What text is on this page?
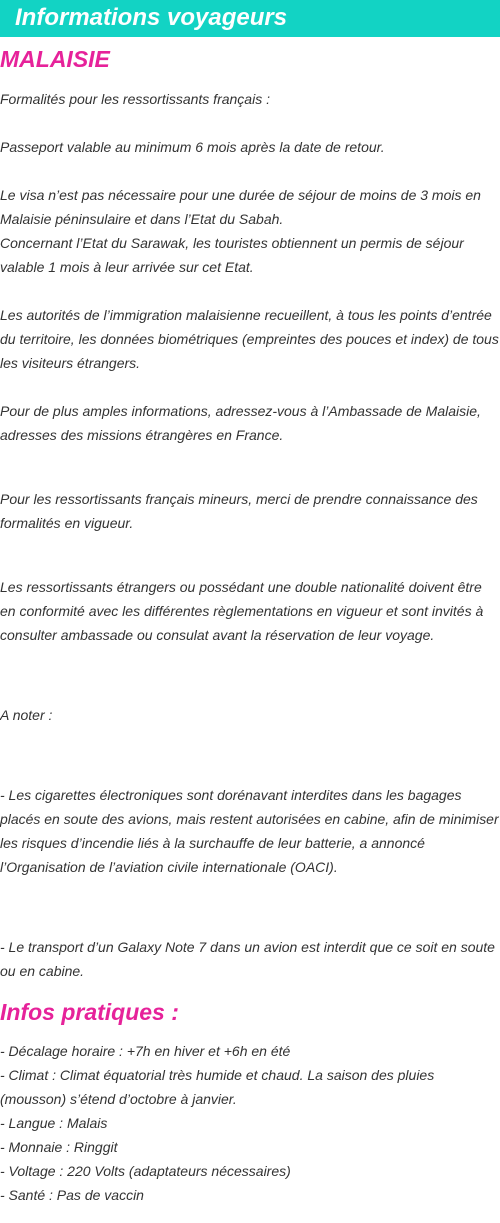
Informations voyageurs
MALAISIE
Formalités pour les ressortissants français :
Passeport valable au minimum 6 mois après la date de retour.
Le visa n’est pas nécessaire pour une durée de séjour de moins de 3 mois en
Malaisie péninsulaire et dans l’Etat du Sabah.
Concernant l’Etat du Sarawak, les touristes obtiennent un permis de séjour
valable 1 mois à leur arrivée sur cet Etat.
Les autorités de l’immigration malaisienne recueillent, à tous les points d’entrée
du territoire, les données biométriques (empreintes des pouces et index) de tous
les visiteurs étrangers.
Pour de plus amples informations, adressez-vous à l’Ambassade de Malaisie,
adresses des missions étrangères en France.
Pour les ressortissants français mineurs, merci de prendre connaissance des
formalités en vigueur.
Les ressortissants étrangers ou possédant une double nationalité doivent être
en conformité avec les différentes règlementations en vigueur et sont invités à
consulter ambassade ou consulat avant la réservation de leur voyage.
A noter :
- Les cigarettes électroniques sont dorénavant interdites dans les bagages
placés en soute des avions, mais restent autorisées en cabine, afin de minimiser
les risques d’incendie liés à la surchauffe de leur batterie, a annoncé
l’Organisation de l’aviation civile internationale (OACI).
- Le transport d’un Galaxy Note 7 dans un avion est interdit que ce soit en soute
ou en cabine.
Infos pratiques :
- Décalage horaire : +7h en hiver et +6h en été
- Climat : Climat équatorial très humide et chaud. La saison des pluies
(mousson) s’étend d’octobre à janvier.
- Langue : Malais
- Monnaie : Ringgit
- Voltage : 220 Volts (adaptateurs nécessaires)
- Santé : Pas de vaccin
